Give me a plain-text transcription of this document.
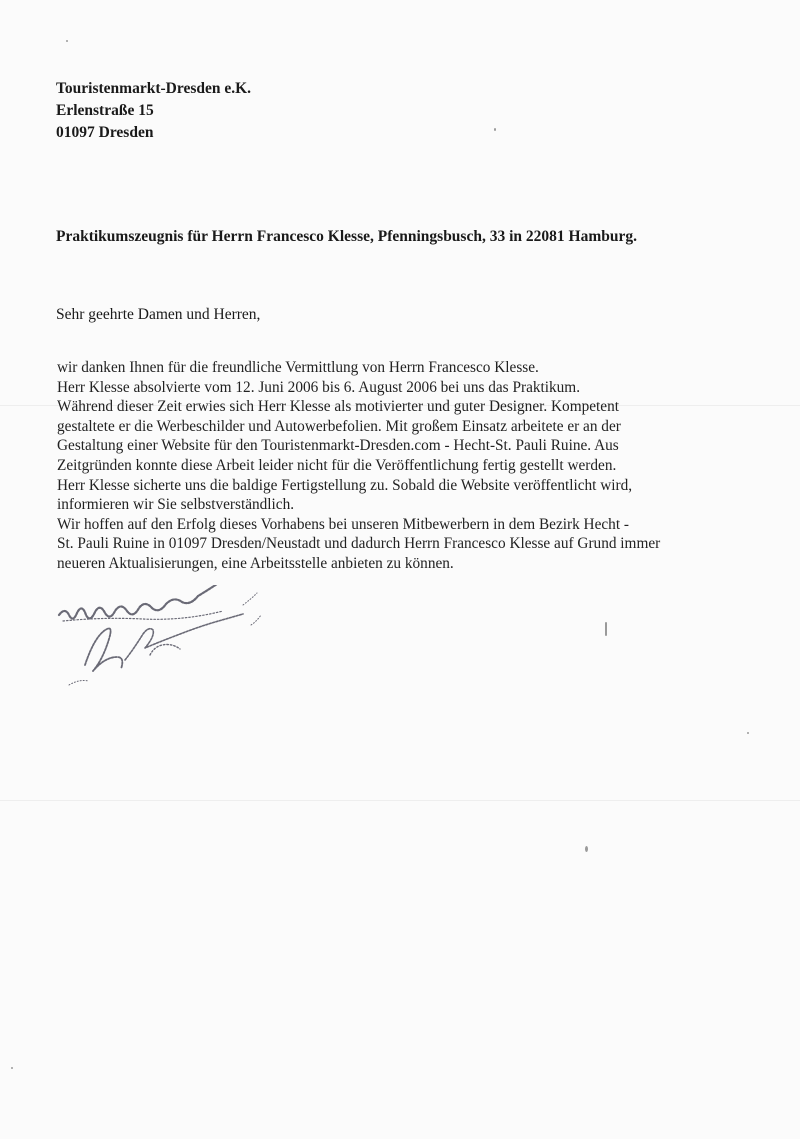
Touristenmarkt-Dresden e.K.
Erlenstraße 15
01097 Dresden
Praktikumszeugnis für Herrn Francesco Klesse, Pfenningsbusch, 33 in 22081 Hamburg.
Sehr geehrte Damen und Herren,
wir danken Ihnen für die freundliche Vermittlung von Herrn Francesco Klesse.
Herr Klesse absolvierte vom 12. Juni 2006 bis 6. August 2006 bei uns das Praktikum.
Während dieser Zeit erwies sich Herr Klesse als motivierter und guter Designer. Kompetent
gestaltete er die Werbeschilder und Autowerbefolien. Mit großem Einsatz arbeitete er an der
Gestaltung einer Website für den Touristenmarkt-Dresden.com - Hecht-St. Pauli Ruine. Aus
Zeitgründen konnte diese Arbeit leider nicht für die Veröffentlichung fertig gestellt werden.
Herr Klesse sicherte uns die baldige Fertigstellung zu. Sobald die Website veröffentlicht wird,
informieren wir Sie selbstverständlich.
Wir hoffen auf den Erfolg dieses Vorhabens bei unseren Mitbewerbern in dem Bezirk Hecht -
St. Pauli Ruine in 01097 Dresden/Neustadt und dadurch Herrn Francesco Klesse auf Grund immer
neueren Aktualisierungen, eine Arbeitsstelle anbieten zu können.
